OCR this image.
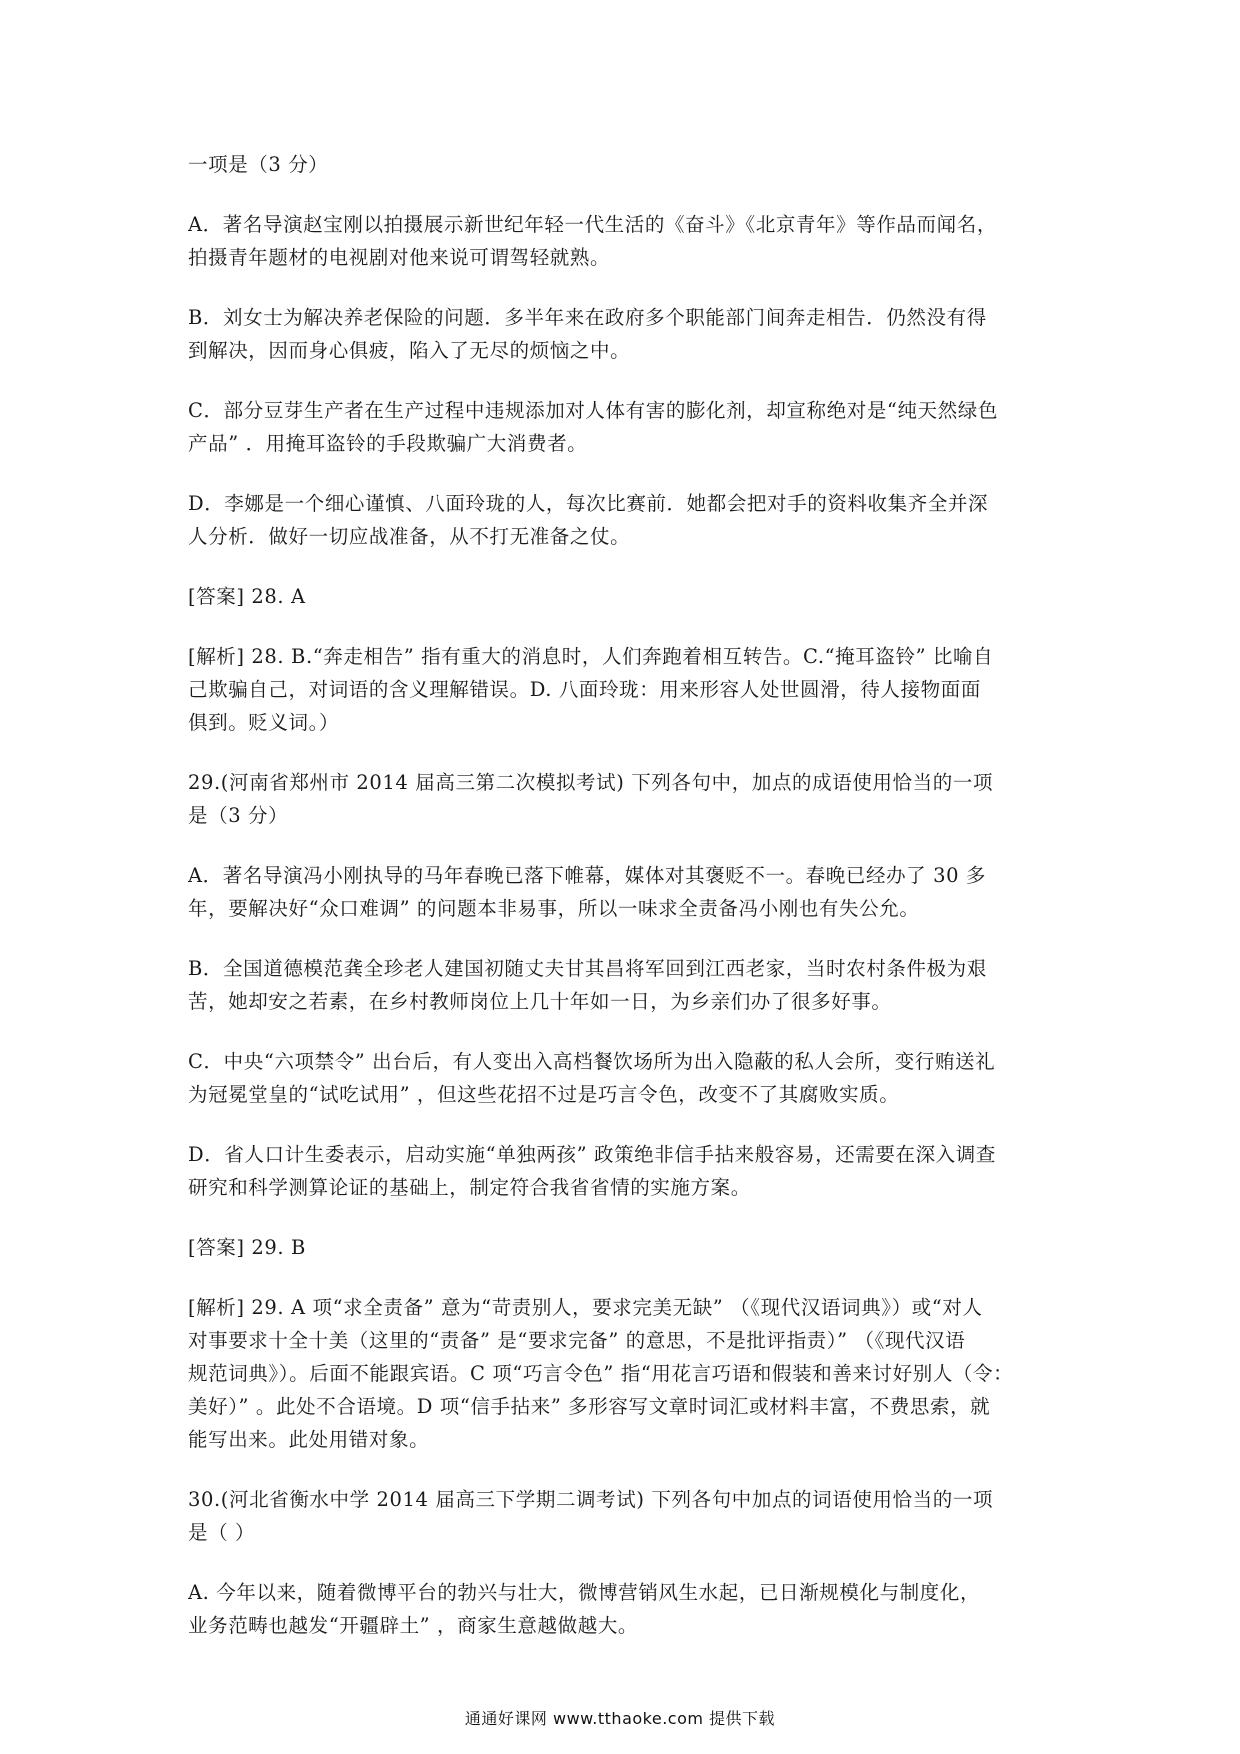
一项是（3 分）

A．著名导演赵宝刚以拍摄展示新世纪年轻一代生活的《奋斗》《北京青年》等作品而闻名，
拍摄青年题材的电视剧对他来说可谓驾轻就熟。

B．刘女士为解决养老保险的问题．多半年来在政府多个职能部门间奔走相告．仍然没有得
到解决，因而身心俱疲，陷入了无尽的烦恼之中。

C．部分豆芽生产者在生产过程中违规添加对人体有害的膨化剂，却宣称绝对是“纯天然绿色
产品” ．用掩耳盗铃的手段欺骗广大消费者。

D．李娜是一个细心谨慎、八面玲珑的人，每次比赛前．她都会把对手的资料收集齐全并深
人分析．做好一切应战准备，从不打无准备之仗。

[答案] 28. A

[解析] 28. B.“奔走相告” 指有重大的消息时，人们奔跑着相互转告。C.“掩耳盗铃” 比喻自
己欺骗自己，对词语的含义理解错误。D. 八面玲珑：用来形容人处世圆滑，待人接物面面
俱到。贬义词。）

29.(河南省郑州市 2014 届高三第二次模拟考试) 下列各句中，加点的成语使用恰当的一项
是（3 分）

A．著名导演冯小刚执导的马年春晚已落下帷幕，媒体对其褒贬不一。春晚已经办了 30 多
年，要解决好“众口难调” 的问题本非易事，所以一味求全责备冯小刚也有失公允。

B．全国道德模范龚全珍老人建国初随丈夫甘其昌将军回到江西老家，当时农村条件极为艰
苦，她却安之若素，在乡村教师岗位上几十年如一日，为乡亲们办了很多好事。

C．中央“六项禁令” 出台后，有人变出入高档餐饮场所为出入隐蔽的私人会所，变行贿送礼
为冠冕堂皇的“试吃试用” ，但这些花招不过是巧言令色，改变不了其腐败实质。

D．省人口计生委表示，启动实施“单独两孩” 政策绝非信手拈来般容易，还需要在深入调查
研究和科学测算论证的基础上，制定符合我省省情的实施方案。

[答案] 29. B

[解析] 29. A 项“求全责备” 意为“苛责别人，要求完美无缺” （《现代汉语词典》）或“对人
对事要求十全十美（这里的“责备” 是“要求完备” 的意思，不是批评指责）” （《现代汉语
规范词典》）。后面不能跟宾语。C 项“巧言令色” 指“用花言巧语和假装和善来讨好别人（令：
美好）” 。此处不合语境。D 项“信手拈来” 多形容写文章时词汇或材料丰富，不费思索，就
能写出来。此处用错对象。

30.(河北省衡水中学 2014 届高三下学期二调考试) 下列各句中加点的词语使用恰当的一项
是（ ）

A. 今年以来，随着微博平台的勃兴与壮大，微博营销风生水起，已日渐规模化与制度化，
业务范畴也越发“开疆辟土” ，商家生意越做越大。

通通好课网 www.tthaoke.com 提供下载
